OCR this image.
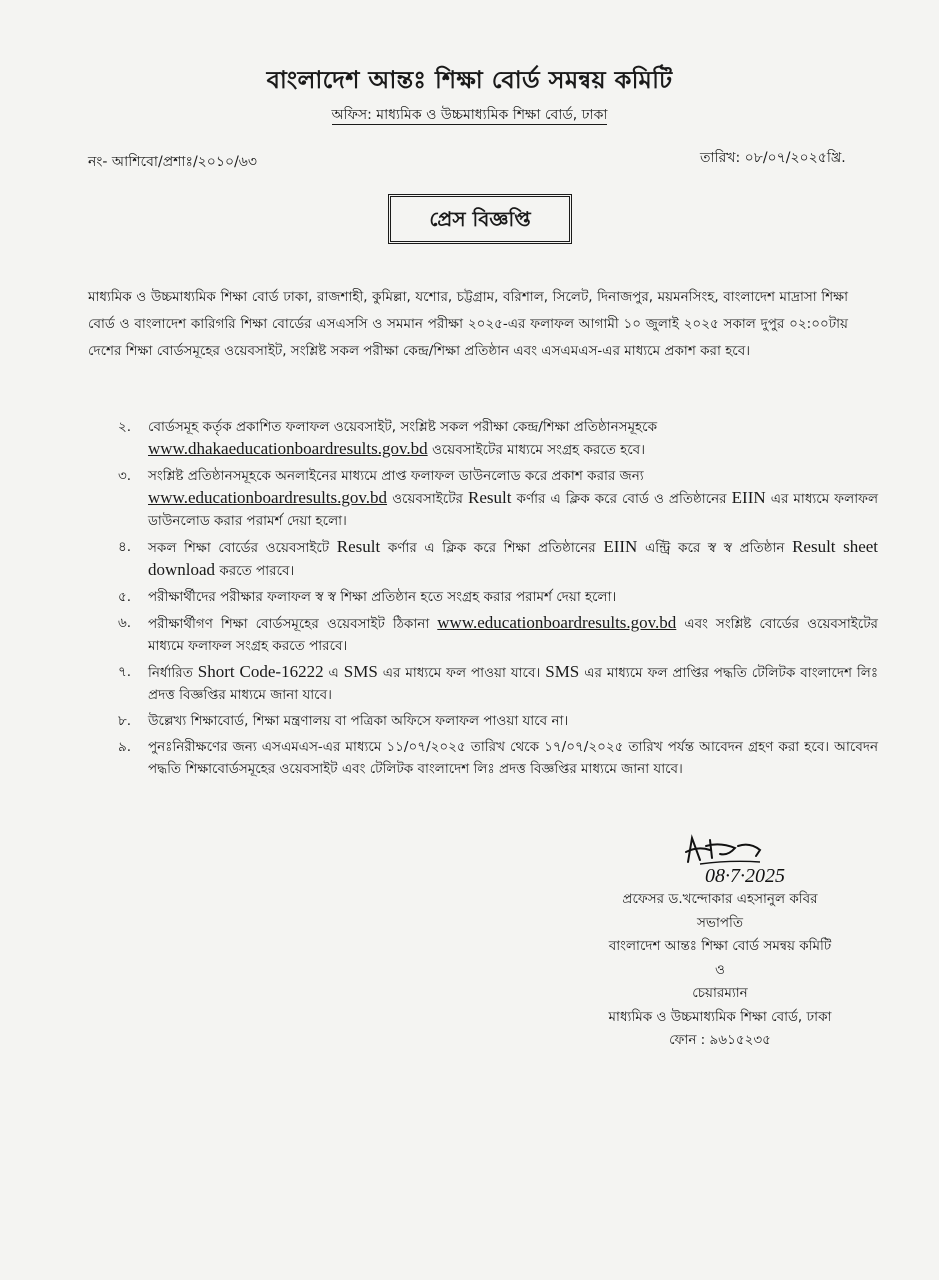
বাংলাদেশ আন্তঃ শিক্ষা বোর্ড সমন্বয় কমিটি
অফিস: মাধ্যমিক ও উচ্চমাধ্যমিক শিক্ষা বোর্ড, ঢাকা
নং- আশিবো/প্রশাঃ/২০১০/৬৩	তারিখ: ০৮/০৭/২০২৫খ্রি.
প্রেস বিজ্ঞপ্তি
মাধ্যমিক ও উচ্চমাধ্যমিক শিক্ষা বোর্ড ঢাকা, রাজশাহী, কুমিল্লা, যশোর, চট্টগ্রাম, বরিশাল, সিলেট, দিনাজপুর, ময়মনসিংহ, বাংলাদেশ মাদ্রাসা শিক্ষা বোর্ড ও বাংলাদেশ কারিগরি শিক্ষা বোর্ডের এসএসসি ও সমমান পরীক্ষা ২০২৫-এর ফলাফল আগামী ১০ জুলাই ২০২৫ সকাল দুপুর ০২:০০টায় দেশের শিক্ষা বোর্ডসমূহের ওয়েবসাইট, সংশ্লিষ্ট সকল পরীক্ষা কেন্দ্র/শিক্ষা প্রতিষ্ঠান এবং এসএমএস-এর মাধ্যমে প্রকাশ করা হবে।
২.	বোর্ডসমূহ কর্তৃক প্রকাশিত ফলাফল ওয়েবসাইট, সংশ্লিষ্ট সকল পরীক্ষা কেন্দ্র/শিক্ষা প্রতিষ্ঠানসমূহকে
www.dhakaeducationboardresults.gov.bd ওয়েবসাইটের মাধ্যমে সংগ্রহ করতে হবে।
৩.	সংশ্লিষ্ট প্রতিষ্ঠানসমূহকে অনলাইনের মাধ্যমে প্রাপ্ত ফলাফল ডাউনলোড করে প্রকাশ করার জন্য
www.educationboardresults.gov.bd ওয়েবসাইটের Result কর্ণার এ ক্লিক করে বোর্ড ও প্রতিষ্ঠানের EIIN এর মাধ্যমে ফলাফল ডাউনলোড করার পরামর্শ দেয়া হলো।
৪.	সকল শিক্ষা বোর্ডের ওয়েবসাইটে Result কর্ণার এ ক্লিক করে শিক্ষা প্রতিষ্ঠানের EIIN এন্ট্রি করে স্ব স্ব প্রতিষ্ঠান Result sheet download করতে পারবে।
৫.	পরীক্ষার্থীদের পরীক্ষার ফলাফল স্ব স্ব শিক্ষা প্রতিষ্ঠান হতে সংগ্রহ করার পরামর্শ দেয়া হলো।
৬.	পরীক্ষার্থীগণ শিক্ষা বোর্ডসমূহের ওয়েবসাইট ঠিকানা www.educationboardresults.gov.bd এবং সংশ্লিষ্ট বোর্ডের ওয়েবসাইটের মাধ্যমে ফলাফল সংগ্রহ করতে পারবে।
৭.	নির্ধারিত Short Code-16222 এ SMS এর মাধ্যমে ফল পাওয়া যাবে। SMS এর মাধ্যমে ফল প্রাপ্তির পদ্ধতি টেলিটক বাংলাদেশ লিঃ প্রদত্ত বিজ্ঞপ্তির মাধ্যমে জানা যাবে।
৮.	উল্লেখ্য শিক্ষাবোর্ড, শিক্ষা মন্ত্রণালয় বা পত্রিকা অফিসে ফলাফল পাওয়া যাবে না।
৯.	পুনঃনিরীক্ষণের জন্য এসএমএস-এর মাধ্যমে ১১/০৭/২০২৫ তারিখ থেকে ১৭/০৭/২০২৫ তারিখ পর্যন্ত আবেদন গ্রহণ করা হবে। আবেদন পদ্ধতি শিক্ষাবোর্ডসমূহের ওয়েবসাইট এবং টেলিটক বাংলাদেশ লিঃ প্রদত্ত বিজ্ঞপ্তির মাধ্যমে জানা যাবে।
08·7·2025
প্রফেসর ড.খন্দোকার এহসানুল কবির
সভাপতি
বাংলাদেশ আন্তঃ শিক্ষা বোর্ড সমন্বয় কমিটি
ও
চেয়ারম্যান
মাধ্যমিক ও উচ্চমাধ্যমিক শিক্ষা বোর্ড, ঢাকা
ফোন : ৯৬১৫২৩৫
